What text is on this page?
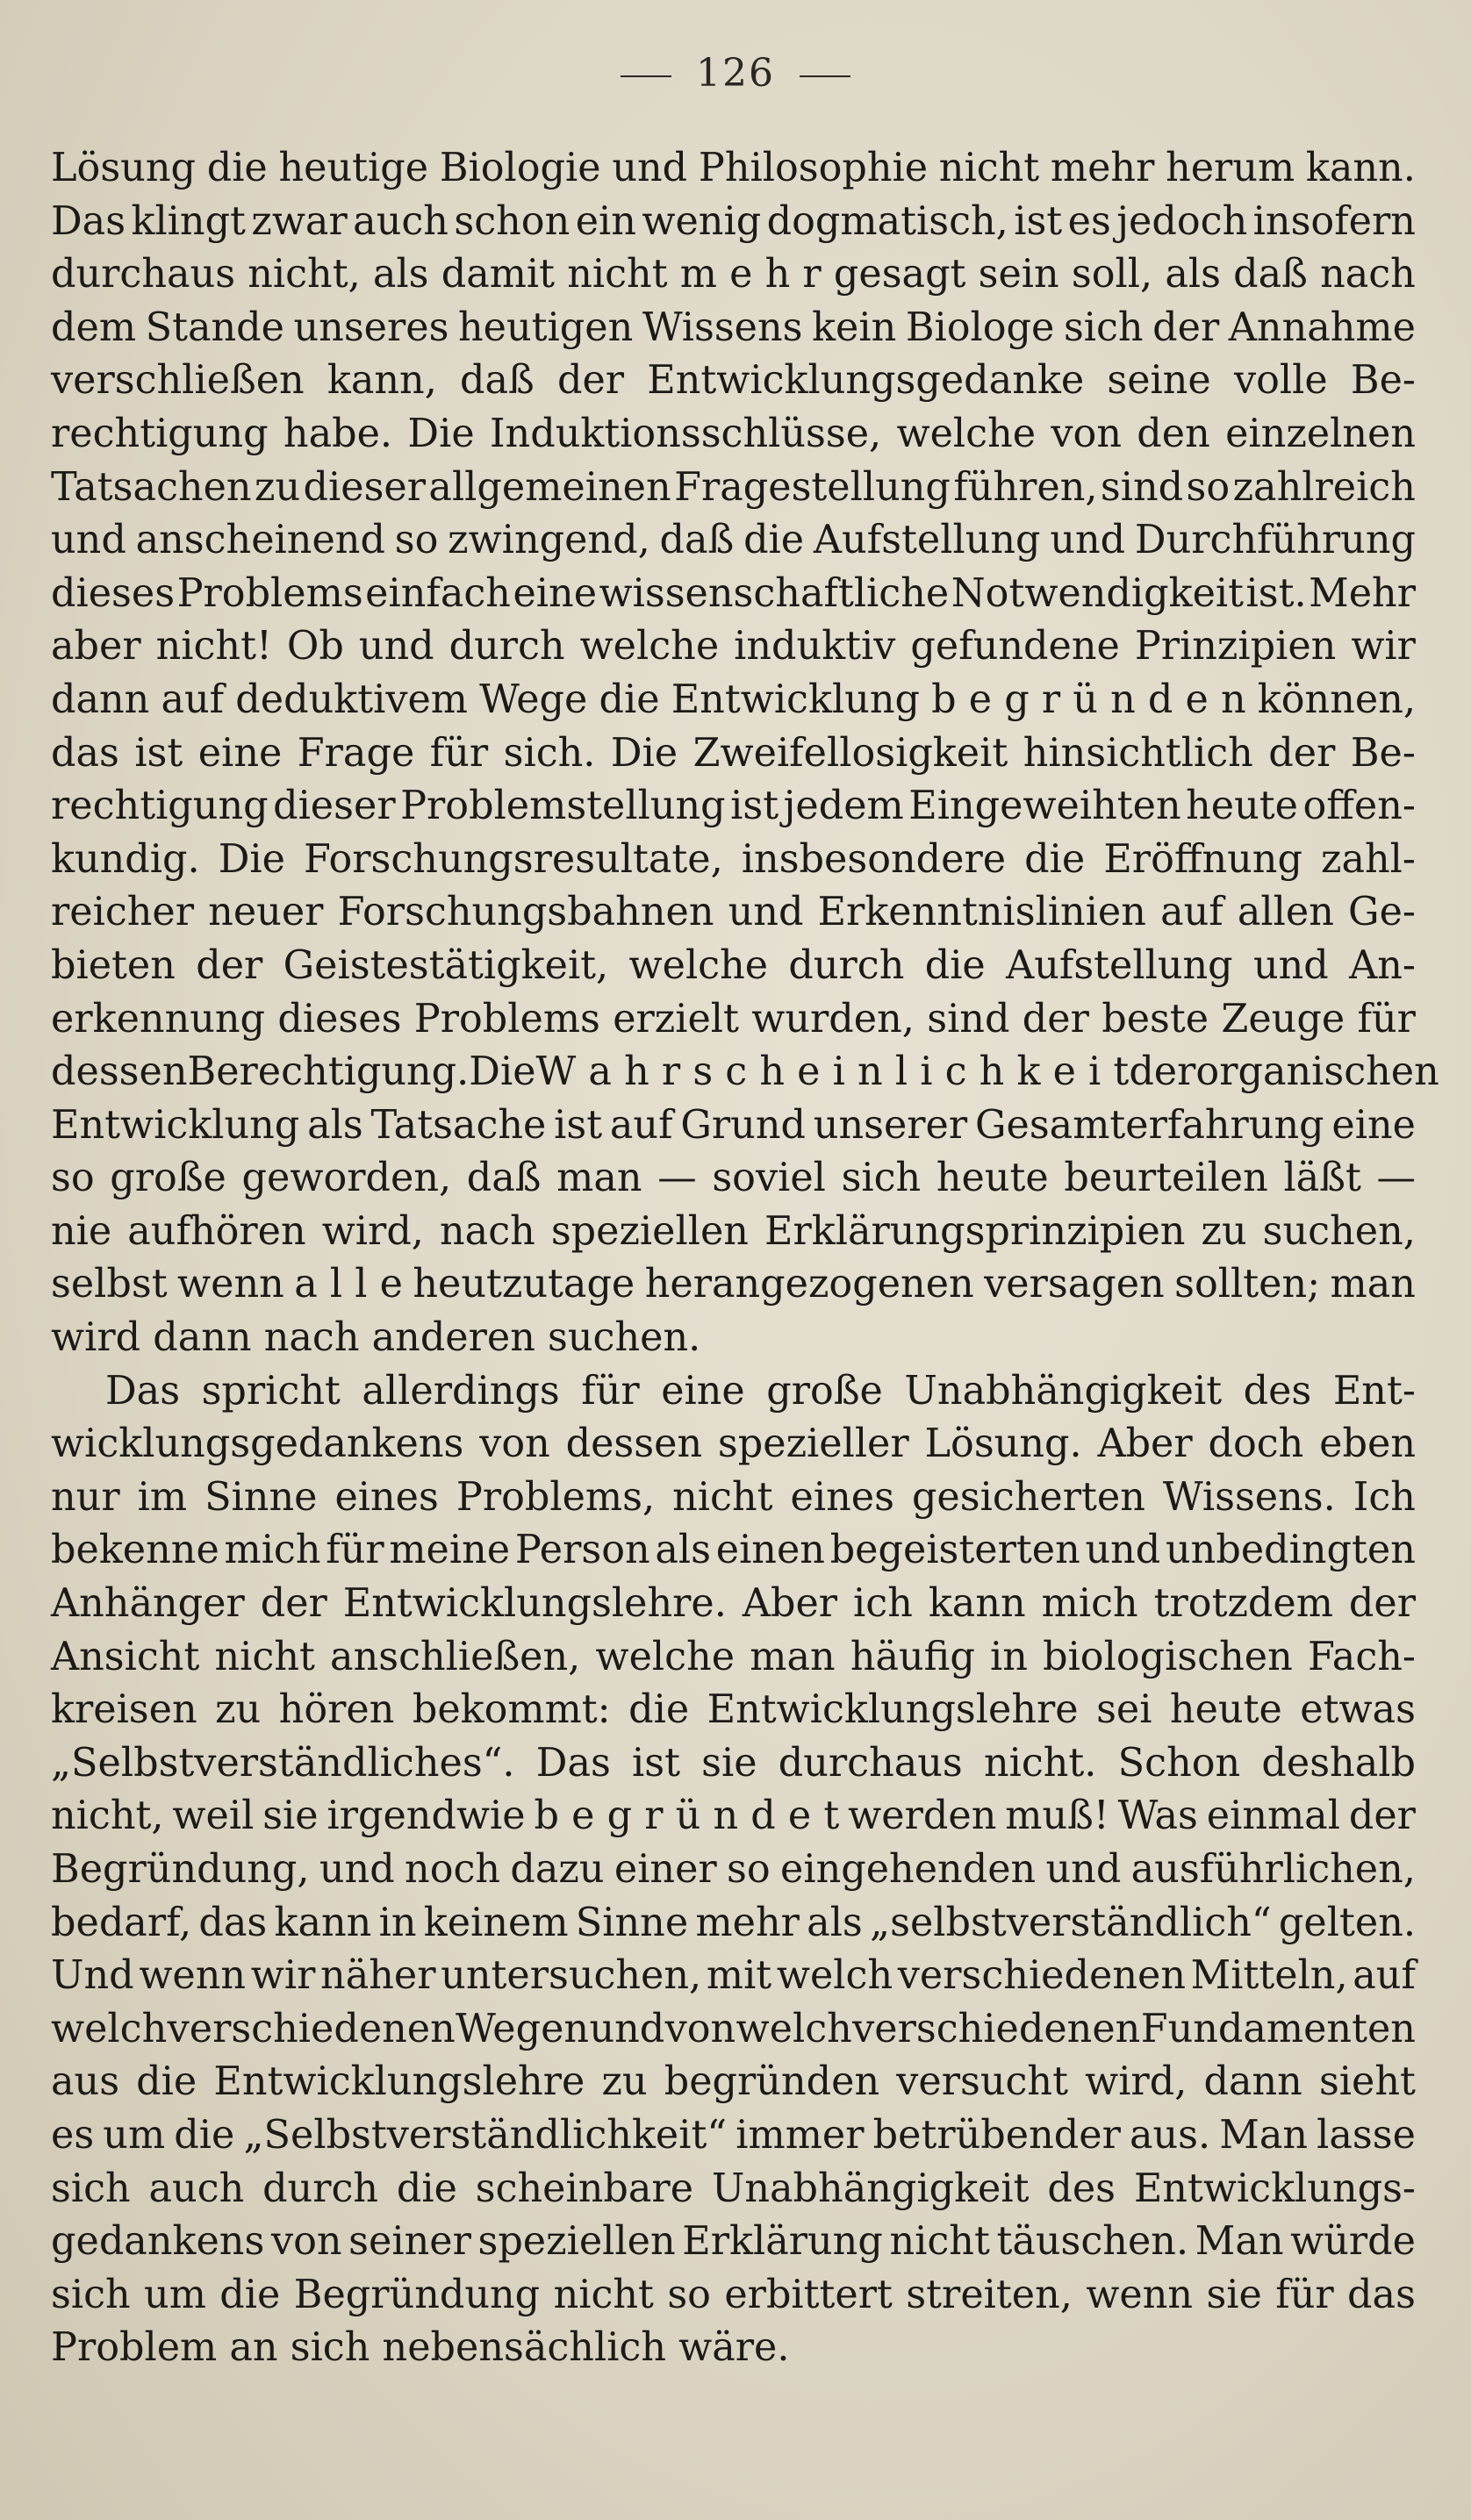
126
Lösung die heutige Biologie und Philosophie nicht mehr herum kann.
Das klingt zwar auch schon ein wenig dogmatisch, ist es jedoch insofern
durchaus nicht, als damit nicht m e h r gesagt sein soll, als daß nach
dem Stande unseres heutigen Wissens kein Biologe sich der Annahme
verschließen kann, daß der Entwicklungsgedanke seine volle Be-
rechtigung habe. Die Induktionsschlüsse, welche von den einzelnen
Tatsachen zu dieser allgemeinen Fragestellung führen, sind so zahlreich
und anscheinend so zwingend, daß die Aufstellung und Durchführung
dieses Problems einfach eine wissenschaftliche Notwendigkeit ist. Mehr
aber nicht! Ob und durch welche induktiv gefundene Prinzipien wir
dann auf deduktivem Wege die Entwicklung b e g r ü n d e n können,
das ist eine Frage für sich. Die Zweifellosigkeit hinsichtlich der Be-
rechtigung dieser Problemstellung ist jedem Eingeweihten heute offen-
kundig. Die Forschungsresultate, insbesondere die Eröffnung zahl-
reicher neuer Forschungsbahnen und Erkenntnislinien auf allen Ge-
bieten der Geistestätigkeit, welche durch die Aufstellung und An-
erkennung dieses Problems erzielt wurden, sind der beste Zeuge für
dessen Berechtigung. Die W a h r s c h e i n l i c h k e i t der organischen
Entwicklung als Tatsache ist auf Grund unserer Gesamterfahrung eine
so große geworden, daß man — soviel sich heute beurteilen läßt —
nie aufhören wird, nach speziellen Erklärungsprinzipien zu suchen,
selbst wenn a l l e heutzutage herangezogenen versagen sollten; man
wird dann nach anderen suchen.
Das spricht allerdings für eine große Unabhängigkeit des Ent-
wicklungsgedankens von dessen spezieller Lösung. Aber doch eben
nur im Sinne eines Problems, nicht eines gesicherten Wissens. Ich
bekenne mich für meine Person als einen begeisterten und unbedingten
Anhänger der Entwicklungslehre. Aber ich kann mich trotzdem der
Ansicht nicht anschließen, welche man häufig in biologischen Fach-
kreisen zu hören bekommt: die Entwicklungslehre sei heute etwas
„Selbstverständliches“. Das ist sie durchaus nicht. Schon deshalb
nicht, weil sie irgendwie b e g r ü n d e t werden muß! Was einmal der
Begründung, und noch dazu einer so eingehenden und ausführlichen,
bedarf, das kann in keinem Sinne mehr als „selbstverständlich“ gelten.
Und wenn wir näher untersuchen, mit welch verschiedenen Mitteln, auf
welch verschiedenen Wegen und von welch verschiedenen Fundamenten
aus die Entwicklungslehre zu begründen versucht wird, dann sieht
es um die „Selbstverständlichkeit“ immer betrübender aus. Man lasse
sich auch durch die scheinbare Unabhängigkeit des Entwicklungs-
gedankens von seiner speziellen Erklärung nicht täuschen. Man würde
sich um die Begründung nicht so erbittert streiten, wenn sie für das
Problem an sich nebensächlich wäre.
